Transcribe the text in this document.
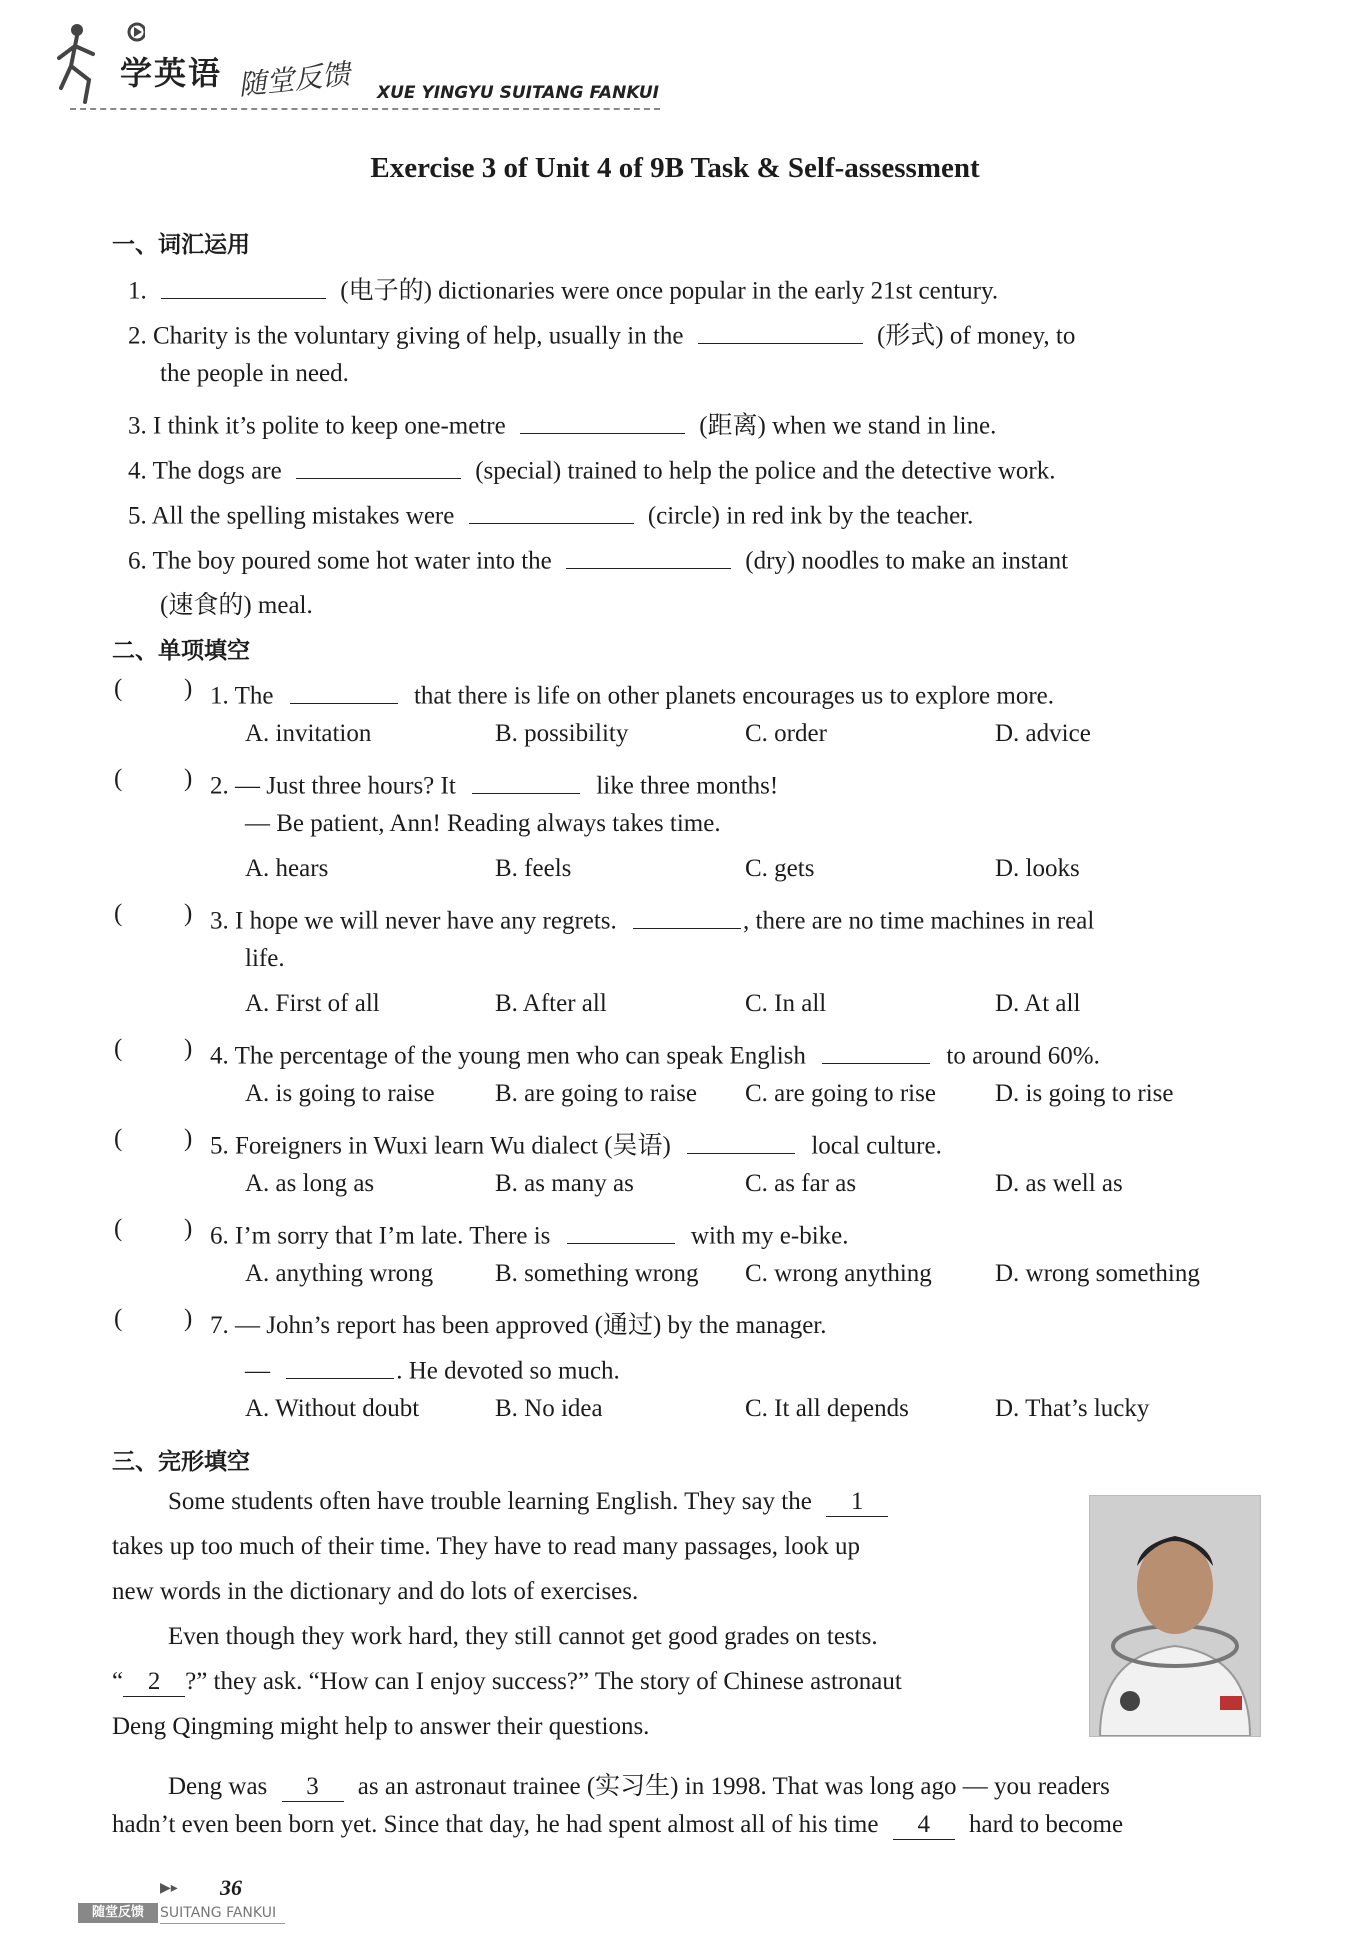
学英语 随堂反馈 XUE YINGYU SUITANG FANKUI
Exercise 3 of Unit 4 of 9B Task & Self-assessment
一、词汇运用
1.	(电子的) dictionaries were once popular in the early 21st century.
2. Charity is the voluntary giving of help, usually in the	(形式) of money, to
the people in need.
3. I think it’s polite to keep one-metre	(距离) when we stand in line.
4. The dogs are	(special) trained to help the police and the detective work.
5. All the spelling mistakes were	(circle) in red ink by the teacher.
6. The boy poured some hot water into the	(dry) noodles to make an instant
(速食的) meal.
二、单项填空
( ) 1. The	that there is life on other planets encourages us to explore more.
A. invitation	B. possibility	C. order	D. advice
( ) 2. — Just three hours? It	like three months!
— Be patient, Ann! Reading always takes time.
A. hears	B. feels	C. gets	D. looks
( ) 3. I hope we will never have any regrets.	, there are no time machines in real
life.
A. First of all	B. After all	C. In all	D. At all
( ) 4. The percentage of the young men who can speak English	to around 60%.
A. is going to raise B. are going to raise C. are going to rise D. is going to rise
( ) 5. Foreigners in Wuxi learn Wu dialect (吴语)	local culture.
A. as long as	B. as many as	C. as far as	D. as well as
( ) 6. I’m sorry that I’m late. There is	with my e-bike.
A. anything wrong B. something wrong C. wrong anything	D. wrong something
( ) 7. — John’s report has been approved (通过) by the manager.
—	. He devoted so much.
A. Without doubt	B. No idea	C. It all depends	D. That’s lucky
三、完形填空
Some students often have trouble learning English. They say the 1
takes up too much of their time. They have to read many passages, look up
new words in the dictionary and do lots of exercises.
Even though they work hard, they still cannot get good grades on tests.
“ 2 ?” they ask. “How can I enjoy success?” The story of Chinese astronaut
Deng Qingming might help to answer their questions.
Deng was 3 as an astronaut trainee (实习生) in 1998. That was long ago — you readers
hadn’t even been born yet. Since that day, he had spent almost all of his time 4 hard to become
▶▸ 36
随堂反馈	SUITANG FANKUI
